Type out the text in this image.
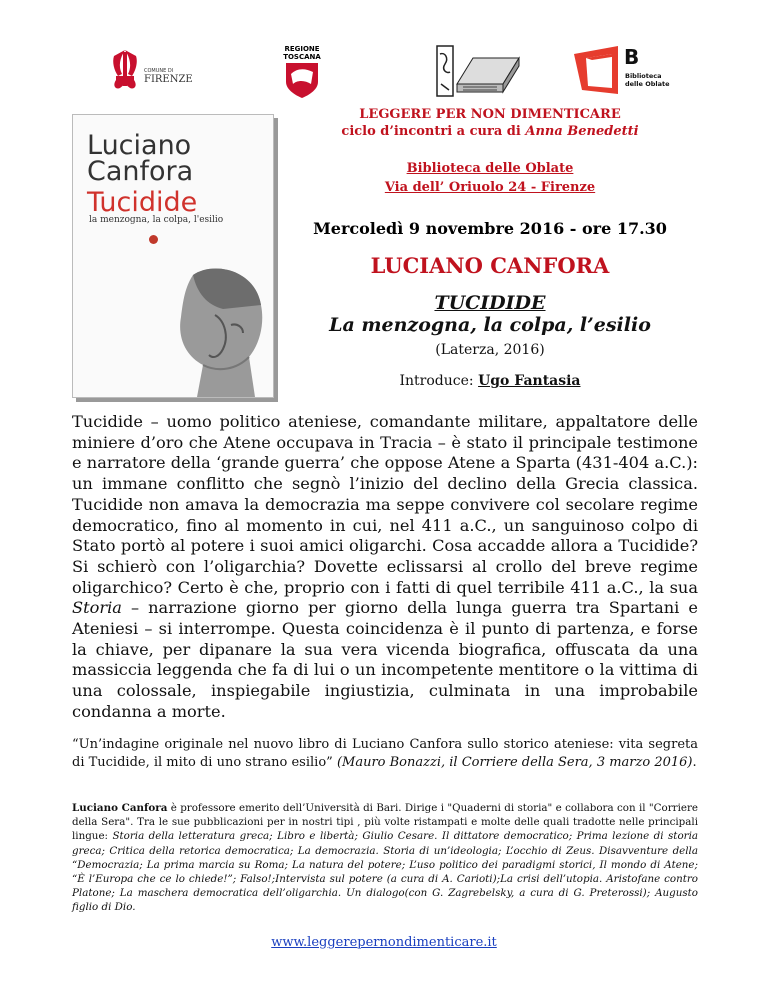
COMUNE DI
FIRENZE
REGIONE
TOSCANA	B
Biblioteca
delle Oblate
Luciano
Canfora
Tucidide
la menzogna, la colpa, l'esilio
LEGGERE PER NON DIMENTICARE
ciclo d’incontri a cura di Anna Benedetti
Biblioteca delle Oblate
Via dell’ Oriuolo 24 - Firenze
Mercoledì 9 novembre 2016 - ore 17.30
LUCIANO CANFORA
TUCIDIDE
La menzogna, la colpa, l’esilio
(Laterza, 2016)
Introduce: Ugo Fantasia
Tucidide – uomo politico ateniese, comandante militare, appaltatore delle miniere d’oro che Atene occupava in Tracia – è stato il principale testimone e narratore della ‘grande guerra’ che oppose Atene a Sparta (431-404 a.C.): un immane conflitto che segnò l’inizio del declino della Grecia classica. Tucidide non amava la democrazia ma seppe convivere col secolare regime democratico, fino al momento in cui, nel 411 a.C., un sanguinoso colpo di Stato portò al potere i suoi amici oligarchi. Cosa accadde allora a Tucidide? Si schierò con l’oligarchia? Dovette eclissarsi al crollo del breve regime oligarchico? Certo è che, proprio con i fatti di quel terribile 411 a.C., la sua Storia – narrazione giorno per giorno della lunga guerra tra Spartani e Ateniesi – si interrompe. Questa coincidenza è il punto di partenza, e forse la chiave, per dipanare la sua vera vicenda biografica, offuscata da una massiccia leggenda che fa di lui o un incompetente mentitore o la vittima di una colossale, inspiegabile ingiustizia, culminata in una improbabile condanna a morte.
“Un’indagine originale nel nuovo libro di Luciano Canfora sullo storico ateniese: vita segreta di Tucidide, il mito di uno strano esilio” (Mauro Bonazzi, il Corriere della Sera, 3 marzo 2016).
Luciano Canfora è professore emerito dell’Università di Bari. Dirige i "Quaderni di storia" e collabora con il "Corriere della Sera". Tra le sue pubblicazioni per in nostri tipi , più volte ristampati e molte delle quali tradotte nelle principali lingue: Storia della letteratura greca; Libro e libertà; Giulio Cesare. Il dittatore democratico; Prima lezione di storia greca; Critica della retorica democratica; La democrazia. Storia di un’ideologia; L’occhio di Zeus. Disavventure della “Democrazia; La prima marcia su Roma; La natura del potere; L’uso politico dei paradigmi storici, Il mondo di Atene; “È l’Europa che ce lo chiede!”; Falso!;Intervista sul potere (a cura di A. Carioti);La crisi dell’utopia. Aristofane contro Platone; La maschera democratica dell’oligarchia. Un dialogo(con G. Zagrebelsky, a cura di G. Preterossi); Augusto figlio di Dio.
www.leggerepernondimenticare.it
